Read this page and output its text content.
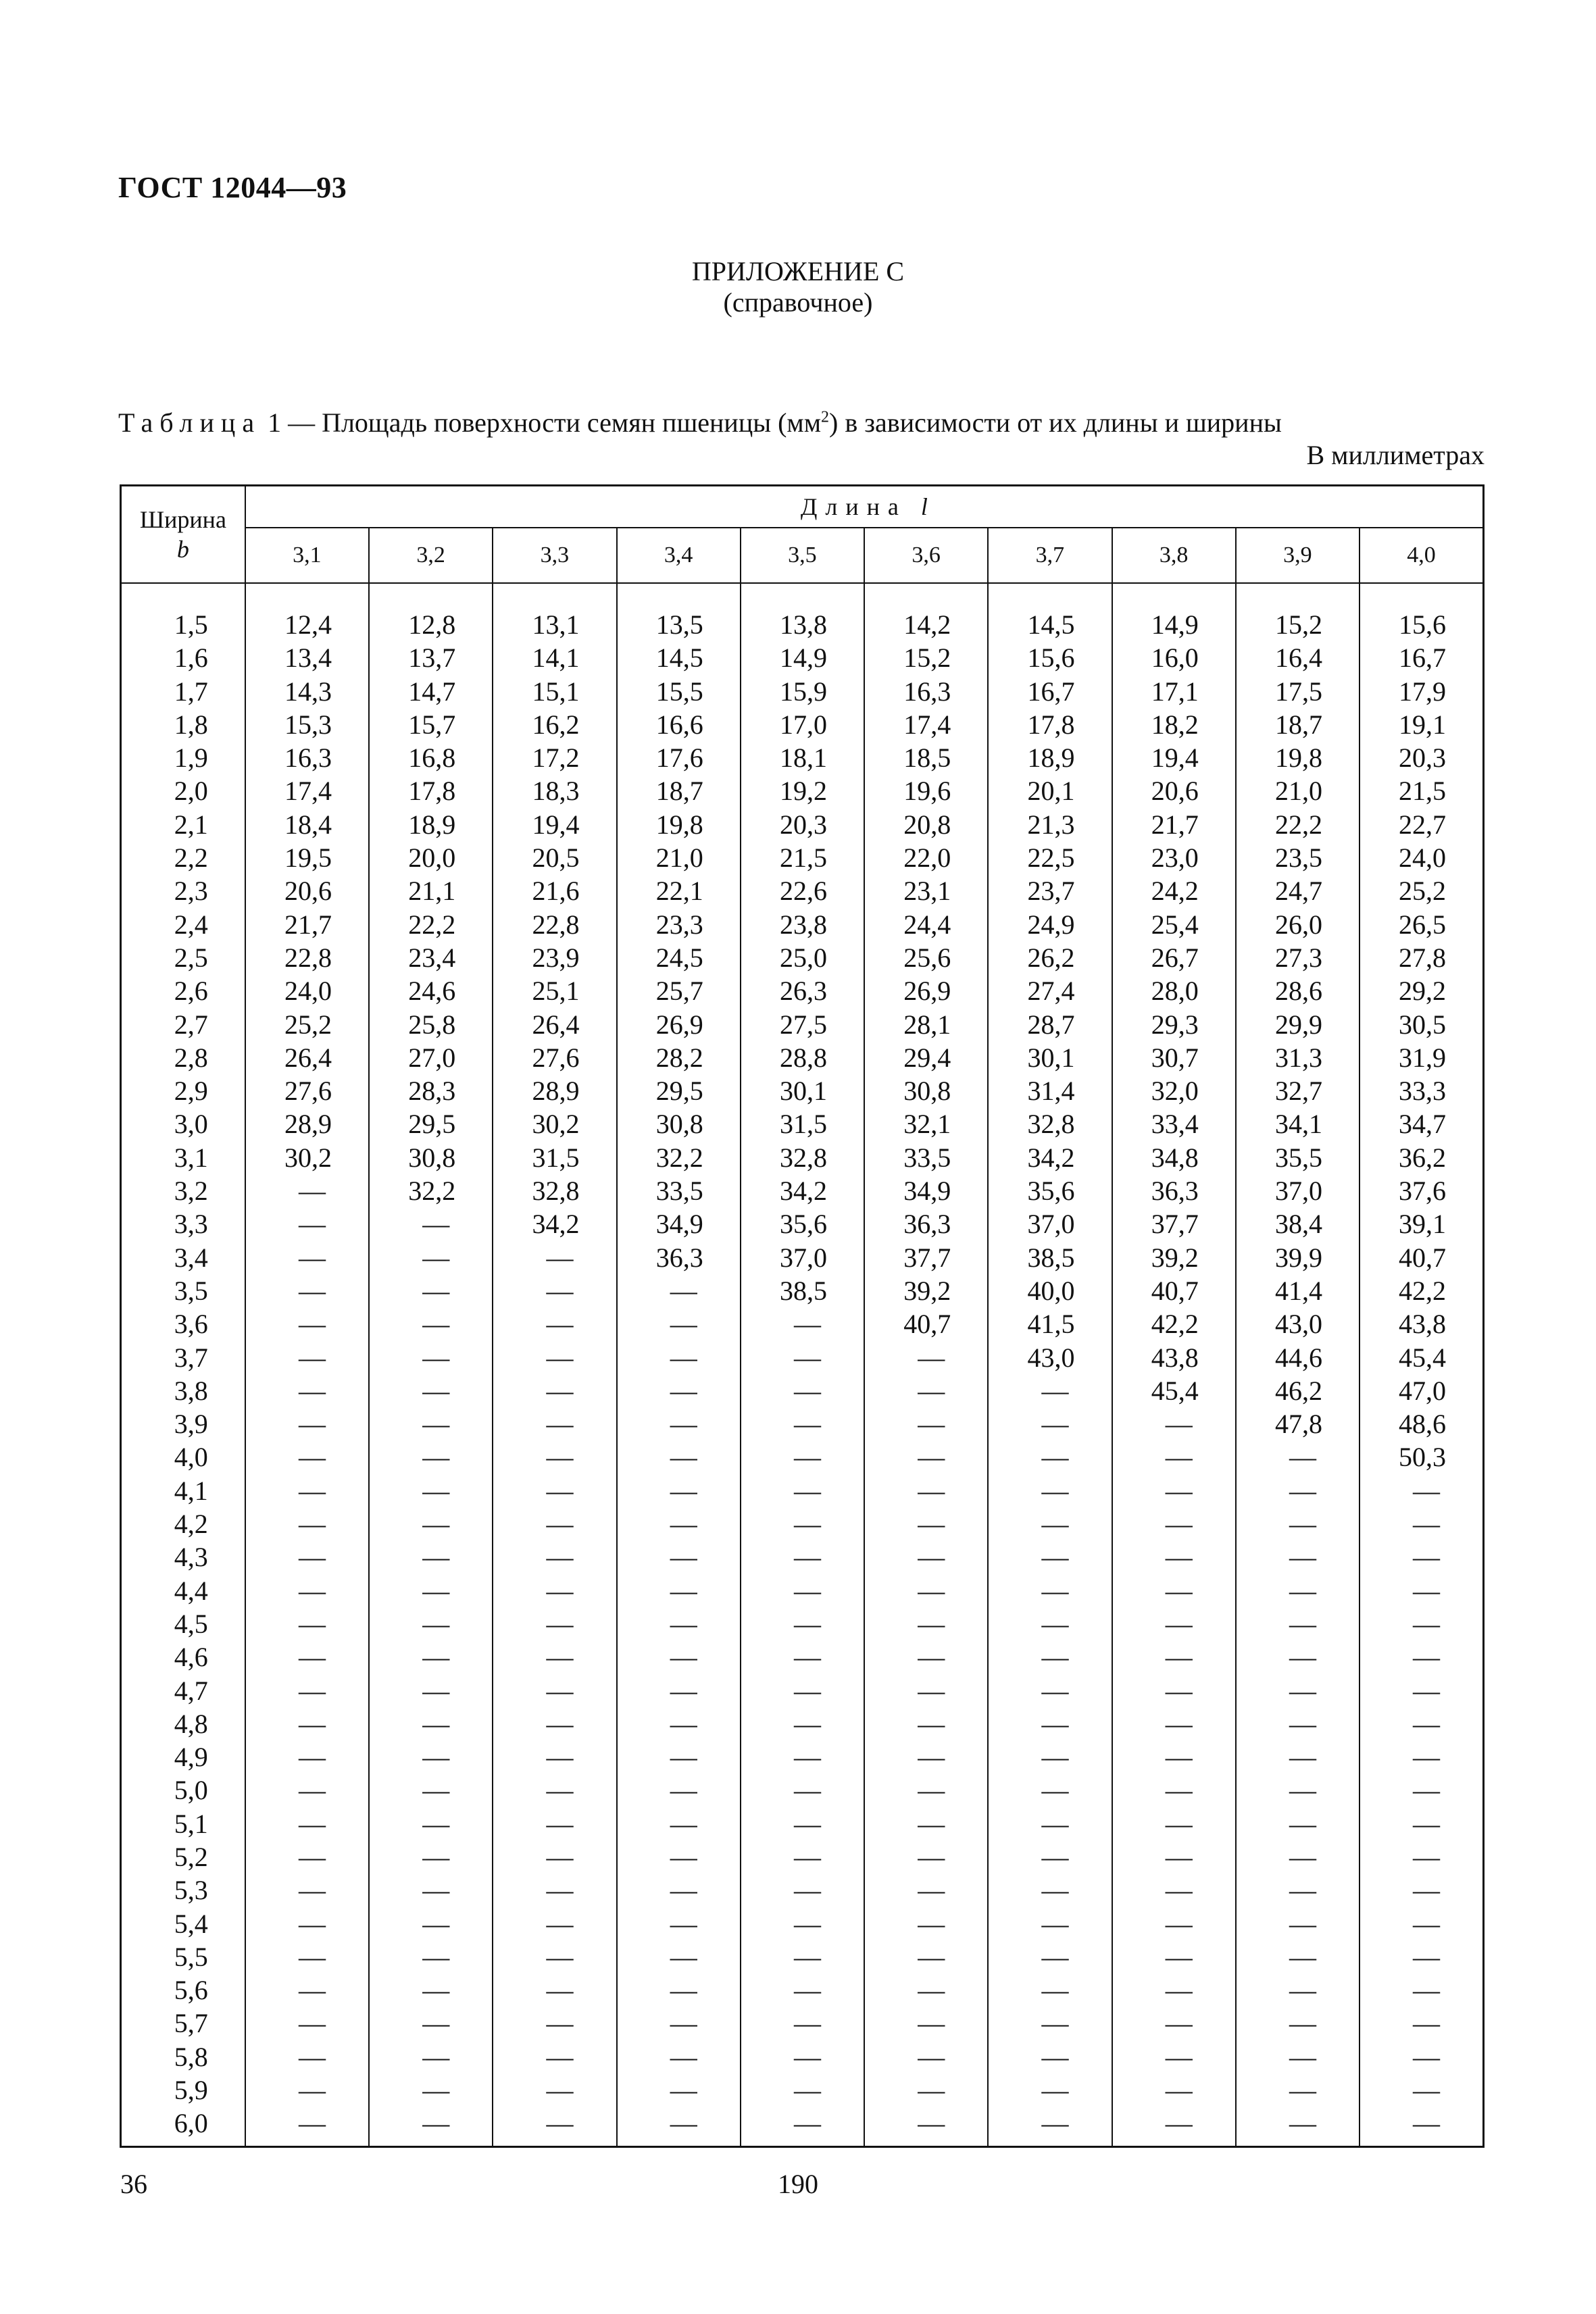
ГОСТ 12044—93
ПРИЛОЖЕНИЕ С
(справочное)
Таблица 1 — Площадь поверхности семян пшеницы $(мм^2)$ в зависимости от их длины и ширины
В миллиметрах
Ширина
b	Длина l									
	3,1	3,2	3,3	3,4	3,5	3,6	3,7	3,8	3,9	4,0

1,5	12,4	12,8	13,1	13,5	13,8	14,2	14,5	14,9	15,2	15,6
1,6	13,4	13,7	14,1	14,5	14,9	15,2	15,6	16,0	16,4	16,7
1,7	14,3	14,7	15,1	15,5	15,9	16,3	16,7	17,1	17,5	17,9
1,8	15,3	15,7	16,2	16,6	17,0	17,4	17,8	18,2	18,7	19,1
1,9	16,3	16,8	17,2	17,6	18,1	18,5	18,9	19,4	19,8	20,3
2,0	17,4	17,8	18,3	18,7	19,2	19,6	20,1	20,6	21,0	21,5
2,1	18,4	18,9	19,4	19,8	20,3	20,8	21,3	21,7	22,2	22,7
2,2	19,5	20,0	20,5	21,0	21,5	22,0	22,5	23,0	23,5	24,0
2,3	20,6	21,1	21,6	22,1	22,6	23,1	23,7	24,2	24,7	25,2
2,4	21,7	22,2	22,8	23,3	23,8	24,4	24,9	25,4	26,0	26,5
2,5	22,8	23,4	23,9	24,5	25,0	25,6	26,2	26,7	27,3	27,8
2,6	24,0	24,6	25,1	25,7	26,3	26,9	27,4	28,0	28,6	29,2
2,7	25,2	25,8	26,4	26,9	27,5	28,1	28,7	29,3	29,9	30,5
2,8	26,4	27,0	27,6	28,2	28,8	29,4	30,1	30,7	31,3	31,9
2,9	27,6	28,3	28,9	29,5	30,1	30,8	31,4	32,0	32,7	33,3
3,0	28,9	29,5	30,2	30,8	31,5	32,1	32,8	33,4	34,1	34,7
3,1	30,2	30,8	31,5	32,2	32,8	33,5	34,2	34,8	35,5	36,2
3,2	—	32,2	32,8	33,5	34,2	34,9	35,6	36,3	37,0	37,6
3,3	—	—	34,2	34,9	35,6	36,3	37,0	37,7	38,4	39,1
3,4	—	—	—	36,3	37,0	37,7	38,5	39,2	39,9	40,7
3,5	—	—	—	—	38,5	39,2	40,0	40,7	41,4	42,2
3,6	—	—	—	—	—	40,7	41,5	42,2	43,0	43,8
3,7	—	—	—	—	—	—	43,0	43,8	44,6	45,4
3,8	—	—	—	—	—	—	—	45,4	46,2	47,0
3,9	—	—	—	—	—	—	—	—	47,8	48,6
4,0	—	—	—	—	—	—	—	—	—	50,3
4,1	—	—	—	—	—	—	—	—	—	—
4,2	—	—	—	—	—	—	—	—	—	—
4,3	—	—	—	—	—	—	—	—	—	—
4,4	—	—	—	—	—	—	—	—	—	—
4,5	—	—	—	—	—	—	—	—	—	—
4,6	—	—	—	—	—	—	—	—	—	—
4,7	—	—	—	—	—	—	—	—	—	—
4,8	—	—	—	—	—	—	—	—	—	—
4,9	—	—	—	—	—	—	—	—	—	—
5,0	—	—	—	—	—	—	—	—	—	—
5,1	—	—	—	—	—	—	—	—	—	—
5,2	—	—	—	—	—	—	—	—	—	—
5,3	—	—	—	—	—	—	—	—	—	—
5,4	—	—	—	—	—	—	—	—	—	—
5,5	—	—	—	—	—	—	—	—	—	—
5,6	—	—	—	—	—	—	—	—	—	—
5,7	—	—	—	—	—	—	—	—	—	—
5,8	—	—	—	—	—	—	—	—	—	—
5,9	—	—	—	—	—	—	—	—	—	—
6,0	—	—	—	—	—	—	—	—	—	—
36	190
